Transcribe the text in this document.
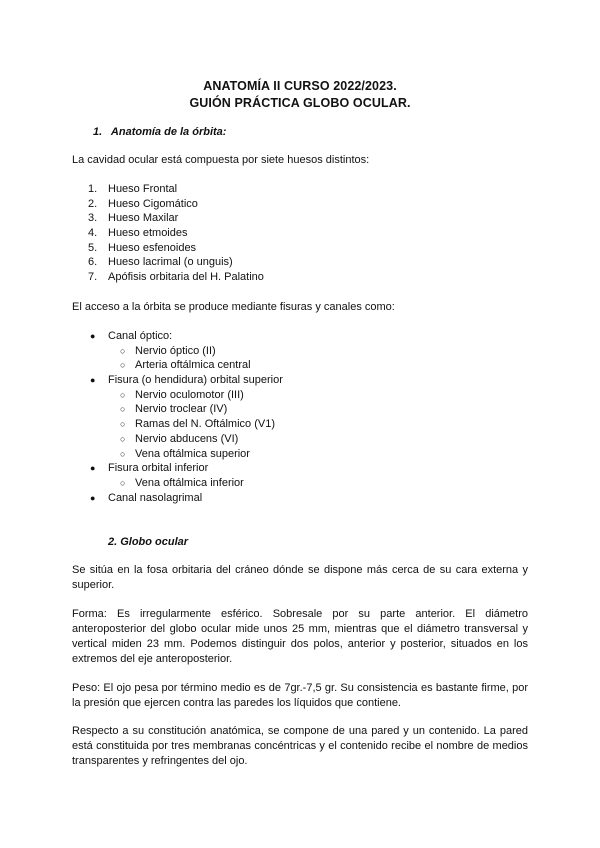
ANATOMÍA II CURSO 2022/2023.
GUIÓN PRÁCTICA GLOBO OCULAR.
1.   Anatomía de la órbita:
La cavidad ocular está compuesta por siete huesos distintos:
1. Hueso Frontal
2. Hueso Cigomático
3. Hueso Maxilar
4. Hueso etmoides
5. Hueso esfenoides
6. Hueso lacrimal (o unguis)
7. Apófisis orbitaria del H. Palatino
El acceso a la órbita se produce mediante fisuras y canales como:
● Canal óptico:
○ Nervio óptico (II)
○ Arteria oftálmica central
● Fisura (o hendidura) orbital superior
○ Nervio oculomotor (III)
○ Nervio troclear (IV)
○ Ramas del N. Oftálmico (V1)
○ Nervio abducens (VI)
○ Vena oftálmica superior
● Fisura orbital inferior
○ Vena oftálmica inferior
● Canal nasolagrimal
2. Globo ocular
Se sitúa en la fosa orbitaria del cráneo dónde se dispone más cerca de su cara externa y superior.
Forma: Es irregularmente esférico. Sobresale por su parte anterior. El diámetro anteroposterior del globo ocular mide unos 25 mm, mientras que el diámetro transversal y vertical miden 23 mm. Podemos distinguir dos polos, anterior y posterior, situados en los extremos del eje anteroposterior.
Peso: El ojo pesa por término medio es de 7gr.-7,5 gr. Su consistencia es bastante firme, por la presión que ejercen contra las paredes los líquidos que contiene.
Respecto a su constitución anatómica, se compone de una pared y un contenido. La pared está constituida por tres membranas concéntricas y el contenido recibe el nombre de medios transparentes y refringentes del ojo.
